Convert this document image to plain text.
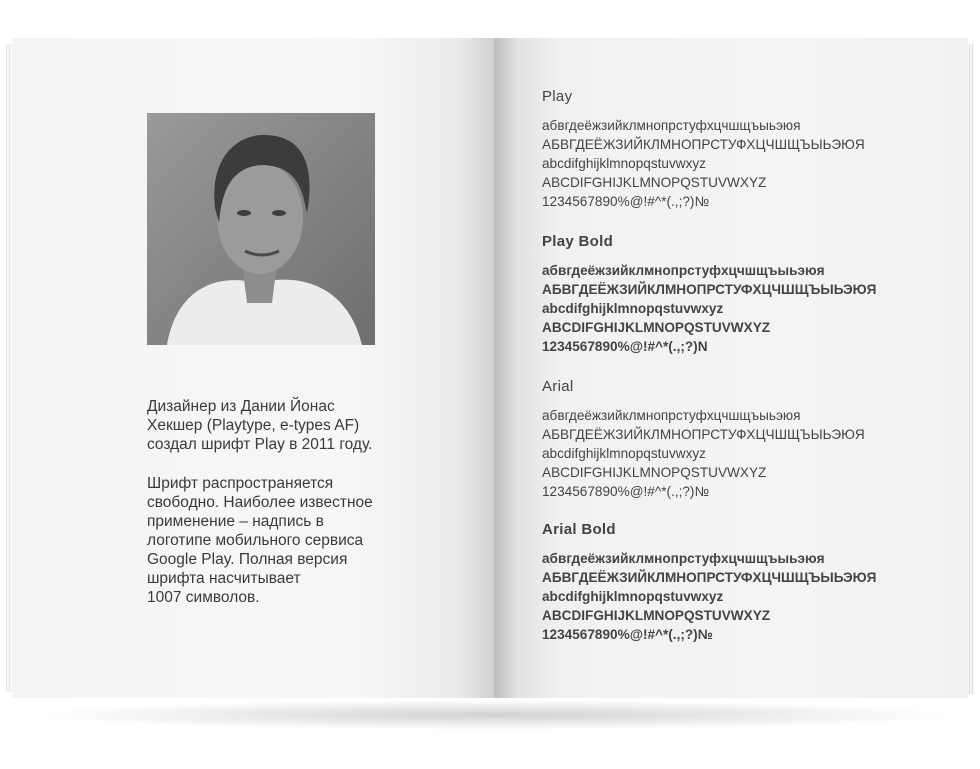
Дизайнер из Дании Йонас
Хекшер (Playtype, e-types AF)
создал шрифт Play в 2011 году.

Шрифт распространяется
свободно. Наиболее известное
применение – надпись в
логотипе мобильного сервиса
Google Play. Полная версия
шрифта насчитывает
1007 символов.

Play
абвгдеёжзийклмнопрстуфхцчшщъыьэюя
АБВГДЕЁЖЗИЙКЛМНОПРСТУФХЦЧШЩЪЫЬЭЮЯ
abcdifghijklmnopqstuvwxyz
ABCDIFGHIJKLMNOPQSTUVWXYZ
1234567890%@!#^*(.,;?)№
Play Bold
абвгдеёжзийклмнопрстуфхцчшщъыьэюя
АБВГДЕЁЖЗИЙКЛМНОПРСТУФХЦЧШЩЪЫЬЭЮЯ
abcdifghijklmnopqstuvwxyz
ABCDIFGHIJKLMNOPQSTUVWXYZ
1234567890%@!#^*(.,;?)N
Arial
абвгдеёжзийклмнопрстуфхцчшщъыьэюя
АБВГДЕЁЖЗИЙКЛМНОПРСТУФХЦЧШЩЪЫЬЭЮЯ
abcdifghijklmnopqstuvwxyz
ABCDIFGHIJKLMNOPQSTUVWXYZ
1234567890%@!#^*(.,;?)№
Arial Bold
абвгдеёжзийклмнопрстуфхцчшщъыьэюя
АБВГДЕЁЖЗИЙКЛМНОПРСТУФХЦЧШЩЪЫЬЭЮЯ
abcdifghijklmnopqstuvwxyz
ABCDIFGHIJKLMNOPQSTUVWXYZ
1234567890%@!#^*(.,;?)№
